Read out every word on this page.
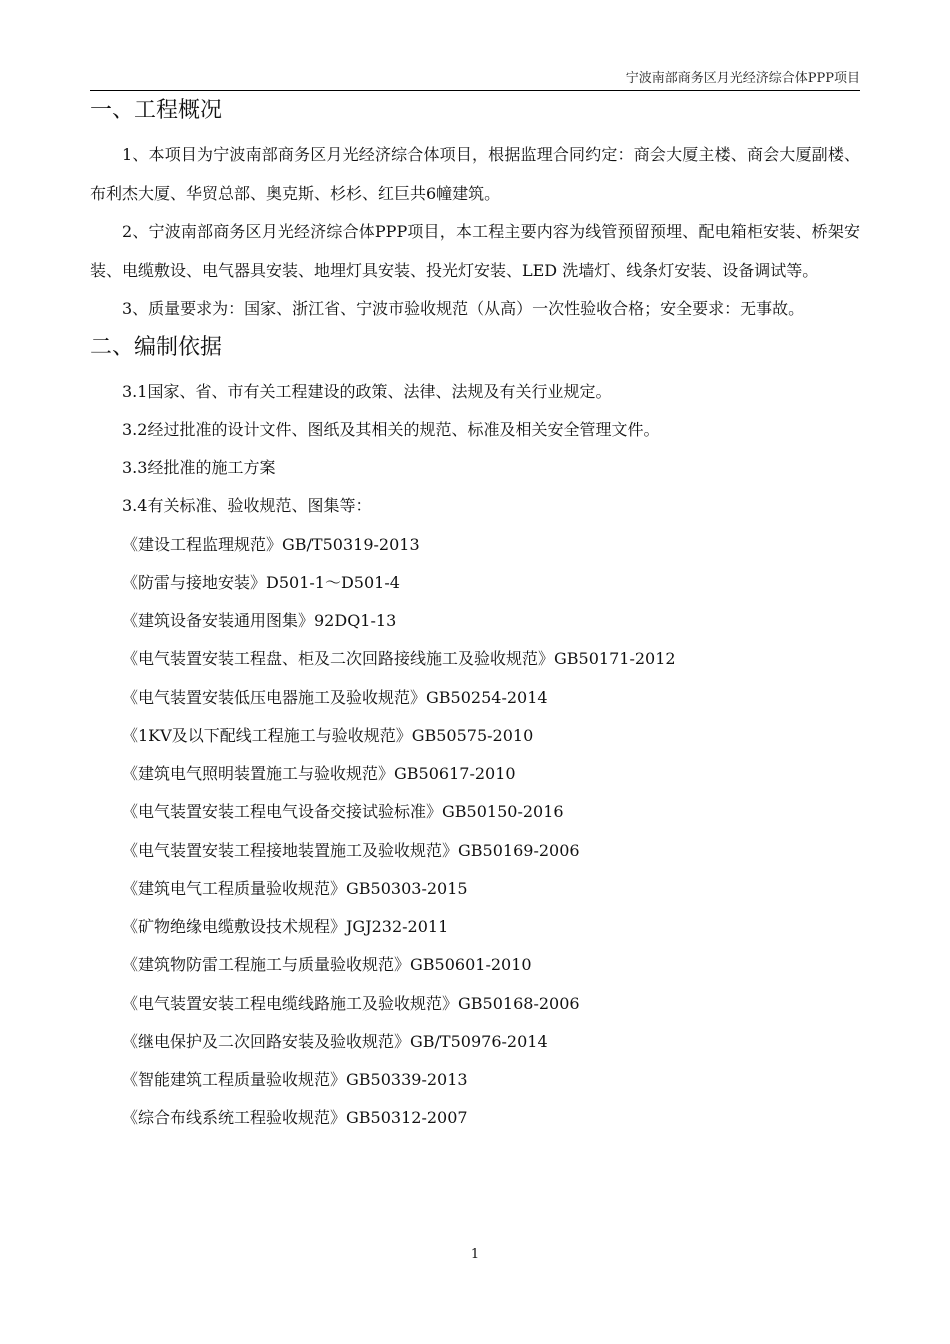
宁波南部商务区月光经济综合体PPP项目
一、工程概况

1、本项目为宁波南部商务区月光经济综合体项目，根据监理合同约定：商会大厦主楼、商会大厦副楼、布利杰大厦、华贸总部、奥克斯、杉杉、红巨共6幢建筑。

2、宁波南部商务区月光经济综合体PPP项目，本工程主要内容为线管预留预埋、配电箱柜安装、桥架安装、电缆敷设、电气器具安装、地埋灯具安装、投光灯安装、LED 洗墙灯、线条灯安装、设备调试等。

3、质量要求为：国家、浙江省、宁波市验收规范（从高）一次性验收合格；安全要求：无事故。

二、编制依据

3.1国家、省、市有关工程建设的政策、法律、法规及有关行业规定。

3.2经过批准的设计文件、图纸及其相关的规范、标准及相关安全管理文件。

3.3经批准的施工方案

3.4有关标准、验收规范、图集等：

《建设工程监理规范》GB/T50319-2013

《防雷与接地安装》D501-1～D501-4

《建筑设备安装通用图集》92DQ1-13

《电气装置安装工程盘、柜及二次回路接线施工及验收规范》GB50171-2012

《电气装置安装低压电器施工及验收规范》GB50254-2014

《1KV及以下配线工程施工与验收规范》GB50575-2010

《建筑电气照明装置施工与验收规范》GB50617-2010

《电气装置安装工程电气设备交接试验标准》GB50150-2016

《电气装置安装工程接地装置施工及验收规范》GB50169-2006

《建筑电气工程质量验收规范》GB50303-2015

《矿物绝缘电缆敷设技术规程》JGJ232-2011

《建筑物防雷工程施工与质量验收规范》GB50601-2010

《电气装置安装工程电缆线路施工及验收规范》GB50168-2006

《继电保护及二次回路安装及验收规范》GB/T50976-2014

《智能建筑工程质量验收规范》GB50339-2013

《综合布线系统工程验收规范》GB50312-2007

1
